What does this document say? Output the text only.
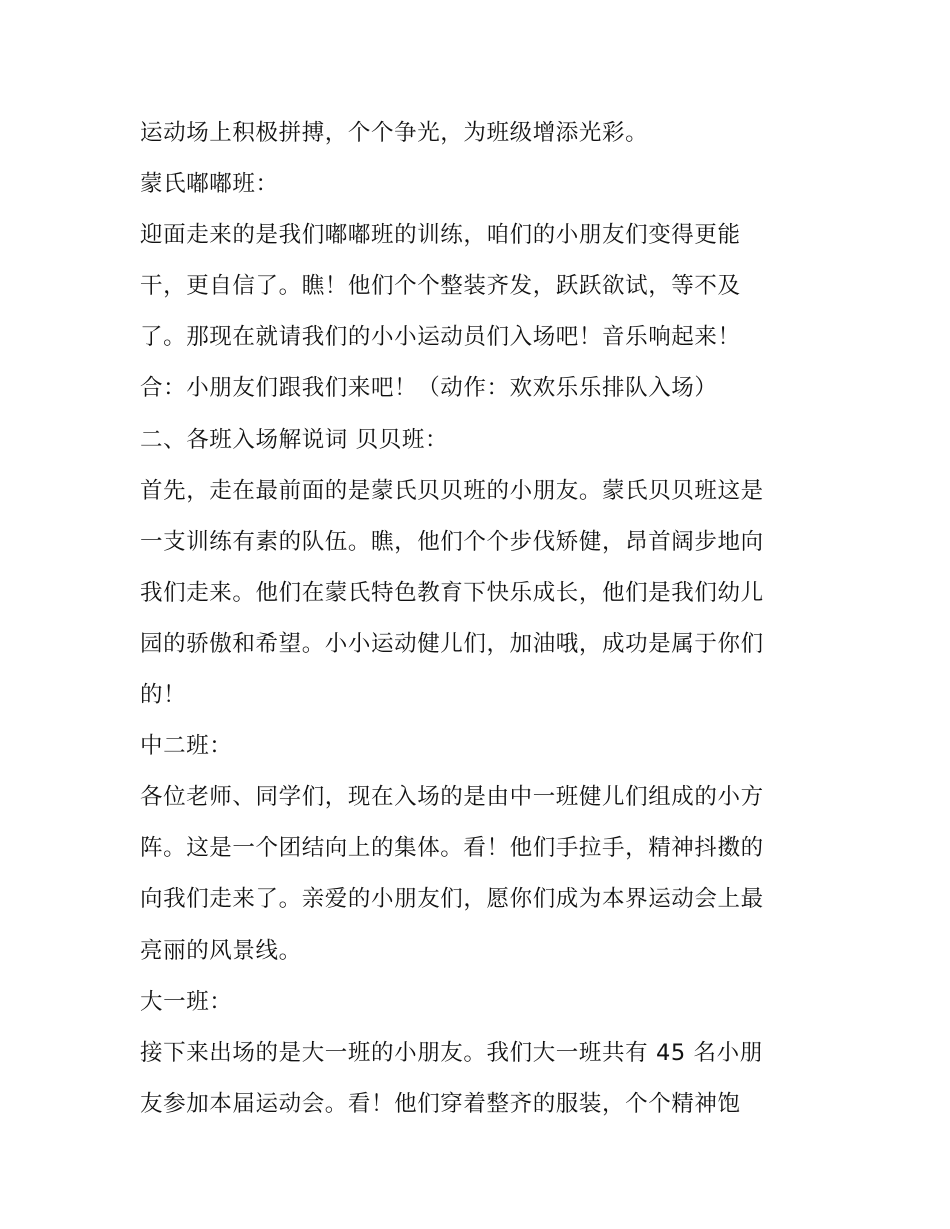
运动场上积极拼搏，个个争光，为班级增添光彩。
蒙氏嘟嘟班：
迎面走来的是我们嘟嘟班的训练，咱们的小朋友们变得更能
干，更自信了。瞧！他们个个整装齐发，跃跃欲试，等不及
了。那现在就请我们的小小运动员们入场吧！音乐响起来！
合：小朋友们跟我们来吧！（动作：欢欢乐乐排队入场）
二、各班入场解说词 贝贝班：
首先，走在最前面的是蒙氏贝贝班的小朋友。蒙氏贝贝班这是
一支训练有素的队伍。瞧，他们个个步伐矫健，昂首阔步地向
我们走来。他们在蒙氏特色教育下快乐成长，他们是我们幼儿
园的骄傲和希望。小小运动健儿们，加油哦，成功是属于你们
的！
中二班：
各位老师、同学们，现在入场的是由中一班健儿们组成的小方
阵。这是一个团结向上的集体。看！他们手拉手，精神抖擞的
向我们走来了。亲爱的小朋友们，愿你们成为本界运动会上最
亮丽的风景线。
大一班：
接下来出场的是大一班的小朋友。我们大一班共有 45 名小朋
友参加本届运动会。看！他们穿着整齐的服装，个个精神饱
